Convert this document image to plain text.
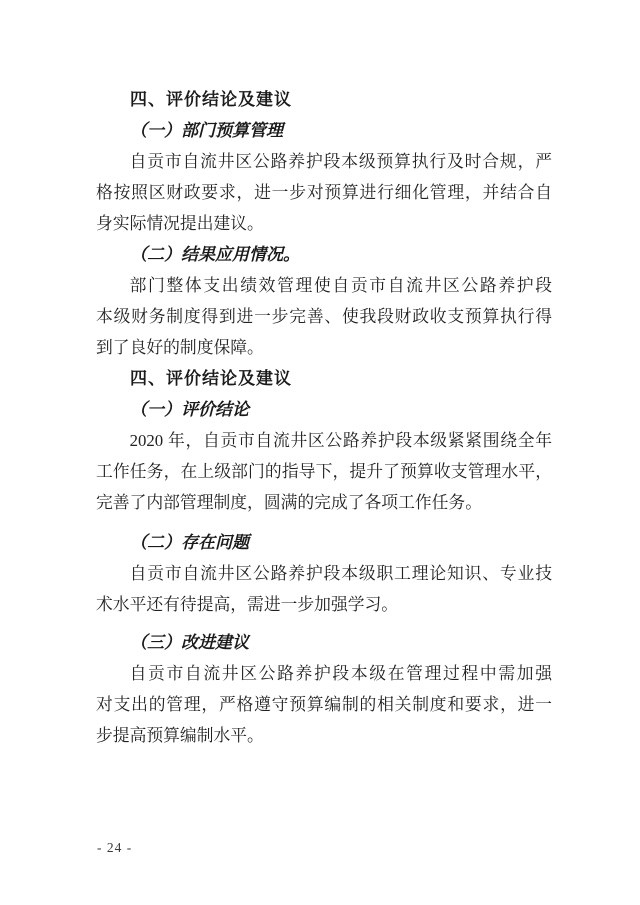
四、评价结论及建议
（一）部门预算管理
自贡市自流井区公路养护段本级预算执行及时合规，严
格按照区财政要求，进一步对预算进行细化管理，并结合自
身实际情况提出建议。
（二）结果应用情况。
部门整体支出绩效管理使自贡市自流井区公路养护段
本级财务制度得到进一步完善、使我段财政收支预算执行得
到了良好的制度保障。
四、评价结论及建议
（一）评价结论
2020 年，自贡市自流井区公路养护段本级紧紧围绕全年
工作任务，在上级部门的指导下，提升了预算收支管理水平，
完善了内部管理制度，圆满的完成了各项工作任务。
（二）存在问题
自贡市自流井区公路养护段本级职工理论知识、专业技
术水平还有待提高，需进一步加强学习。
（三）改进建议
自贡市自流井区公路养护段本级在管理过程中需加强
对支出的管理，严格遵守预算编制的相关制度和要求，进一
步提高预算编制水平。
- 24 -
